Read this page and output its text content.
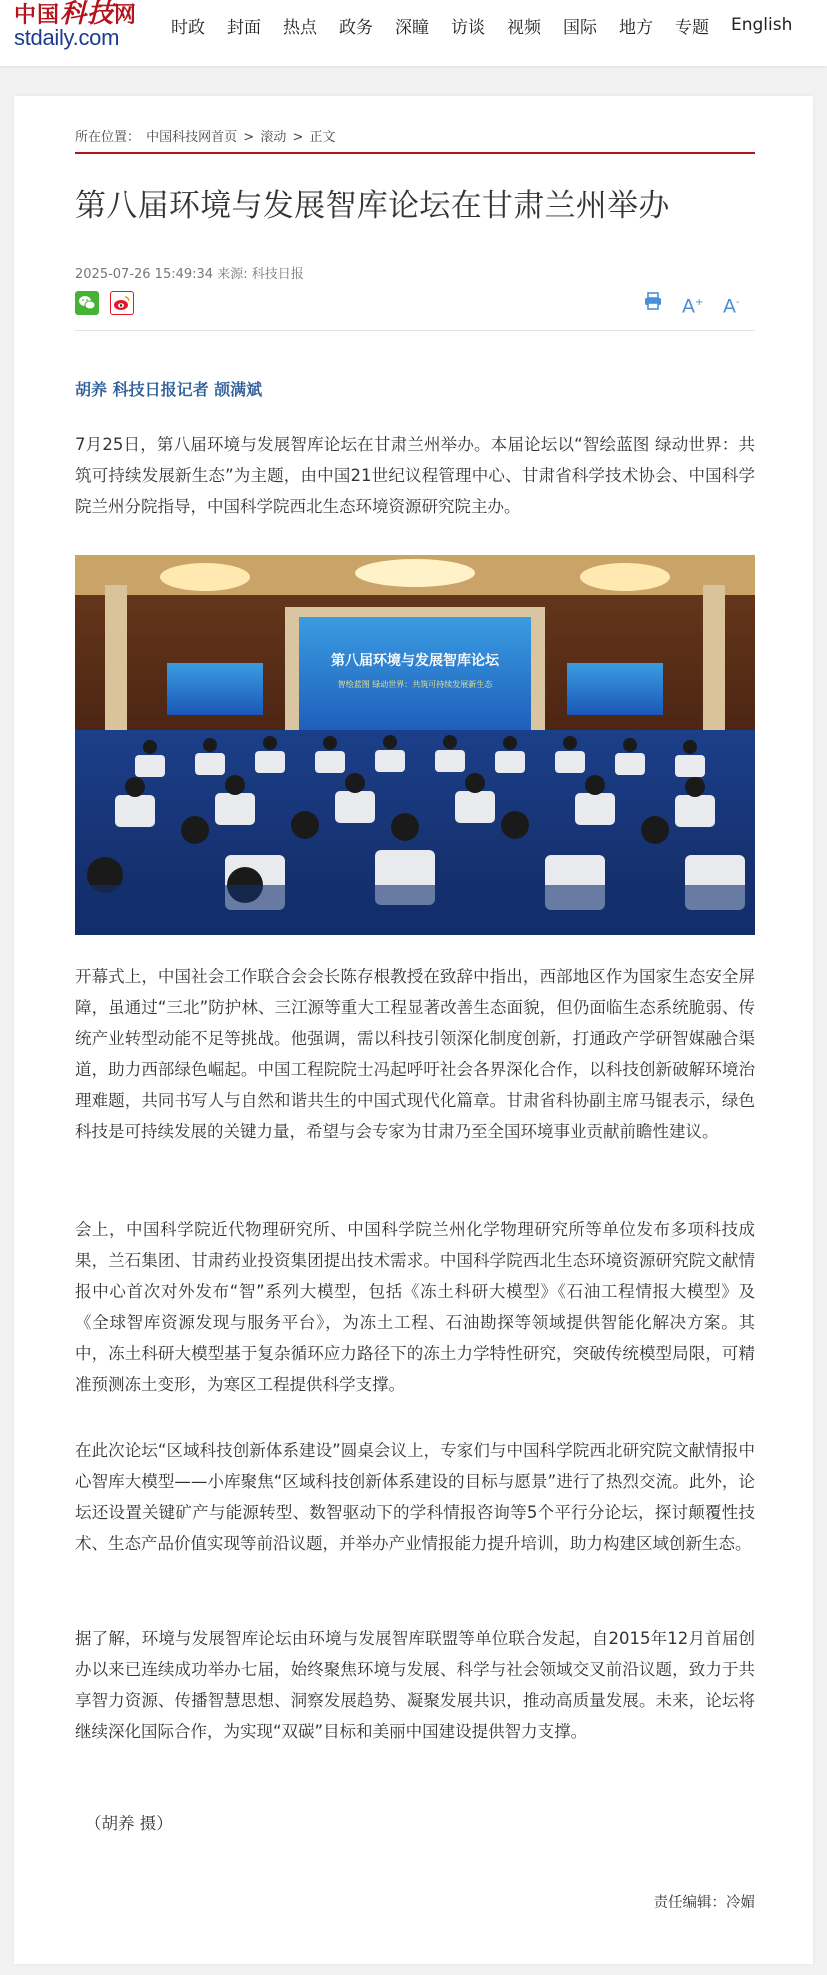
中国科技网
stdaily.com	时政 封面 热点 政务 深瞳 访谈 视频 国际 地方 专题 English
所在位置： 中国科技网首页 > 滚动 > 正文
第八届环境与发展智库论坛在甘肃兰州举办
2025-07-26 15:49:34 来源: 科技日报
A+ A-
胡养 科技日报记者 颉满斌

7月25日，第八届环境与发展智库论坛在甘肃兰州举办。本届论坛以“智绘蓝图 绿动世界：共筑可持续发展新生态”为主题，由中国21世纪议程管理中心、甘肃省科学技术协会、中国科学院兰州分院指导，中国科学院西北生态环境资源研究院主办。

第八届环境与发展智库论坛
智绘蓝图 绿动世界：共筑可持续发展新生态

开幕式上，中国社会工作联合会会长陈存根教授在致辞中指出，西部地区作为国家生态安全屏障，虽通过“三北”防护林、三江源等重大工程显著改善生态面貌，但仍面临生态系统脆弱、传统产业转型动能不足等挑战。他强调，需以科技引领深化制度创新，打通政产学研智媒融合渠道，助力西部绿色崛起。中国工程院院士冯起呼吁社会各界深化合作，以科技创新破解环境治理难题，共同书写人与自然和谐共生的中国式现代化篇章。甘肃省科协副主席马锟表示，绿色科技是可持续发展的关键力量，希望与会专家为甘肃乃至全国环境事业贡献前瞻性建议。

会上，中国科学院近代物理研究所、中国科学院兰州化学物理研究所等单位发布多项科技成果，兰石集团、甘肃药业投资集团提出技术需求。中国科学院西北生态环境资源研究院文献情报中心首次对外发布“智”系列大模型，包括《冻土科研大模型》《石油工程情报大模型》及《全球智库资源发现与服务平台》，为冻土工程、石油勘探等领域提供智能化解决方案。其中，冻土科研大模型基于复杂循环应力路径下的冻土力学特性研究，突破传统模型局限，可精准预测冻土变形，为寒区工程提供科学支撑。

在此次论坛“区域科技创新体系建设”圆桌会议上，专家们与中国科学院西北研究院文献情报中心智库大模型——小库聚焦“区域科技创新体系建设的目标与愿景”进行了热烈交流。此外，论坛还设置关键矿产与能源转型、数智驱动下的学科情报咨询等5个平行分论坛，探讨颠覆性技术、生态产品价值实现等前沿议题，并举办产业情报能力提升培训，助力构建区域创新生态。

据了解，环境与发展智库论坛由环境与发展智库联盟等单位联合发起，自2015年12月首届创办以来已连续成功举办七届，始终聚焦环境与发展、科学与社会领域交叉前沿议题，致力于共享智力资源、传播智慧思想、洞察发展趋势、凝聚发展共识，推动高质量发展。未来，论坛将继续深化国际合作，为实现“双碳”目标和美丽中国建设提供智力支撑。

（胡养 摄）
责任编辑：冷媚
